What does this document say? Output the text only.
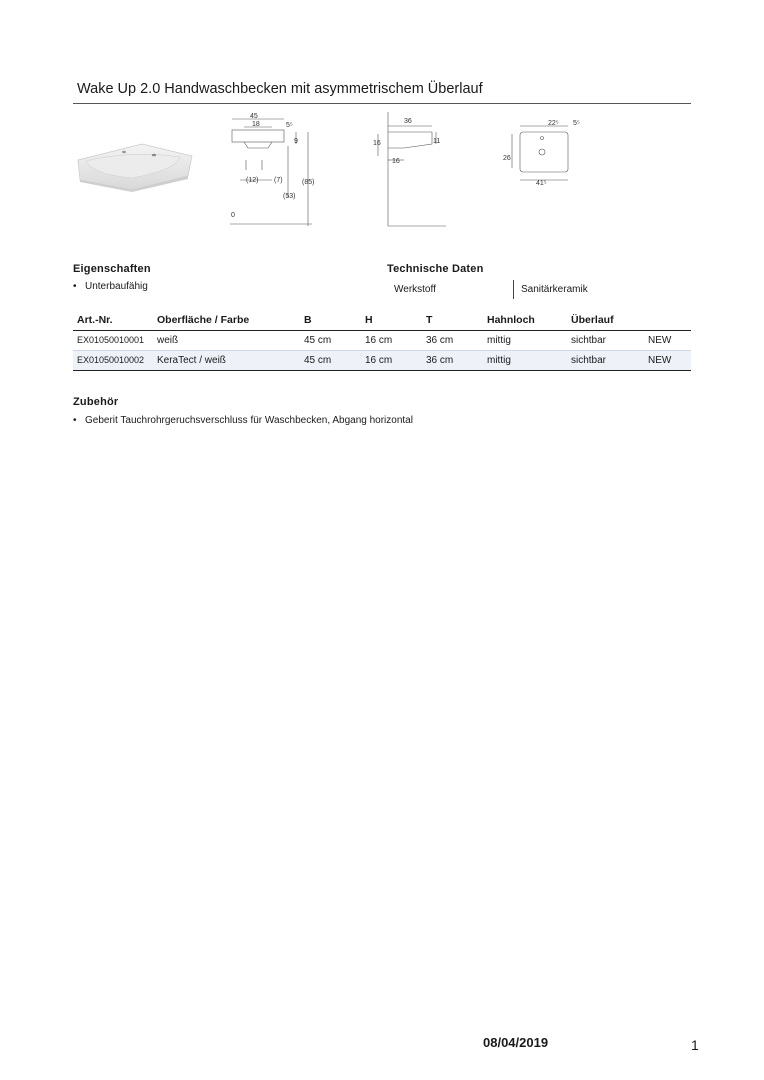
Wake Up 2.0 Handwaschbecken mit asymmetrischem Überlauf
45
18	5⁵
9
(12) (7)	(85)
(53)
0
36
16	11
16
22⁵ 5⁵
26
41⁵
Eigenschaften
• Unterbaufähig
Technische Daten
Werkstoff	Sanitärkeramik
Art.-Nr.	Oberfläche / Farbe	B	H	T	Hahnloch	Überlauf	
EX01050010001	weiß	45 cm	16 cm	36 cm	mittig	sichtbar	NEW
EX01050010002	KeraTect / weiß	45 cm	16 cm	36 cm	mittig	sichtbar	NEW
Zubehör
• Geberit Tauchrohrgeruchsverschluss für Waschbecken, Abgang horizontal
08/04/2019	1
